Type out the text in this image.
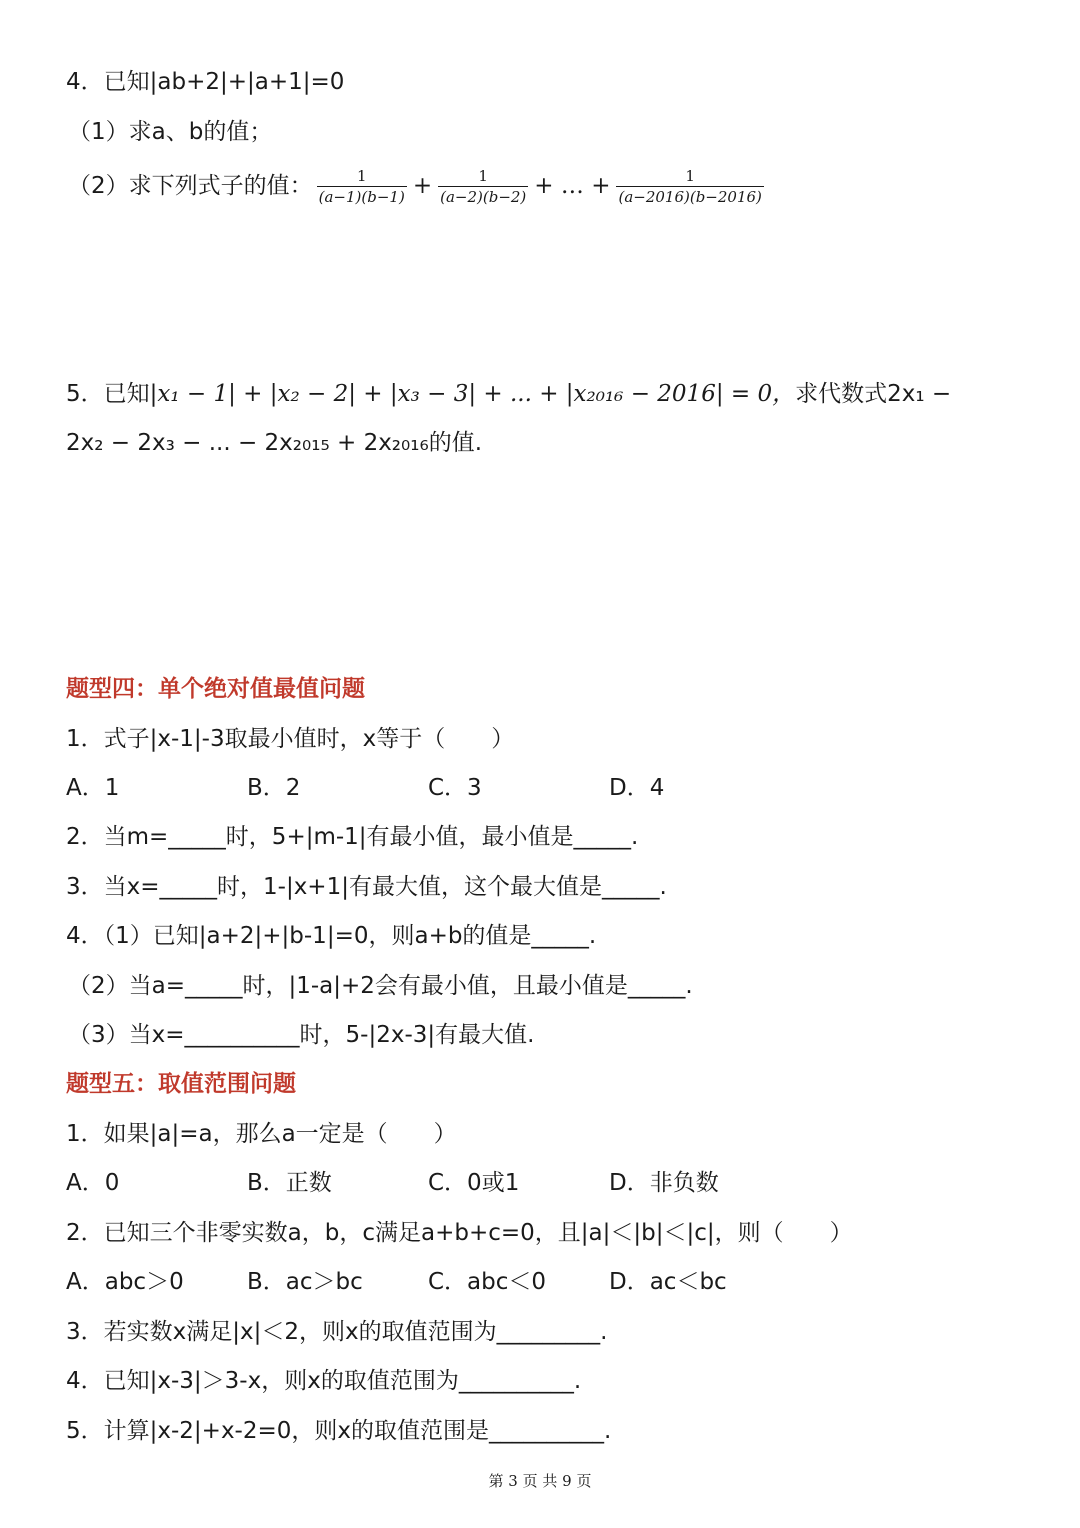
4．已知|ab+2|+|a+1|=0
（1）求a、b的值；
（2）求下列式子的值： $\frac{1}{(a-1)(b-1)} + \frac{1}{(a-2)(b-2)}$ + … + $\frac{1}{(a-2016)(b-2016)}$
5．已知|x₁ − 1| + |x₂ − 2| + |x₃ − 3| + ... + |x₂₀₁₆ − 2016| = 0，求代数式2x₁ −
2x₂ − 2x₃ − ... − 2x₂₀₁₅ + 2x₂₀₁₆的值.
题型四：单个绝对值最值问题
1．式子|x-1|-3取最小值时，x等于（　　）
A．1	B．2	C．3	D．4
2．当m=_____时，5+|m-1|有最小值，最小值是_____.
3．当x=_____时，1-|x+1|有最大值，这个最大值是_____.
4．（1）已知|a+2|+|b-1|=0，则a+b的值是_____.
（2）当a=_____时，|1-a|+2会有最小值，且最小值是_____.
（3）当x=__________时，5-|2x-3|有最大值.
题型五：取值范围问题
1．如果|a|=a，那么a一定是（　　）
A．0	B．正数	C．0或1	D．非负数
2．已知三个非零实数a，b，c满足a+b+c=0，且|a|＜|b|＜|c|，则（　　）
A．abc＞0	B．ac＞bc	C．abc＜0	D．ac＜bc
3．若实数x满足|x|＜2，则x的取值范围为_________.
4．已知|x-3|＞3-x，则x的取值范围为__________.
5．计算|x-2|+x-2=0，则x的取值范围是__________.
第 3 页 共 9 页
